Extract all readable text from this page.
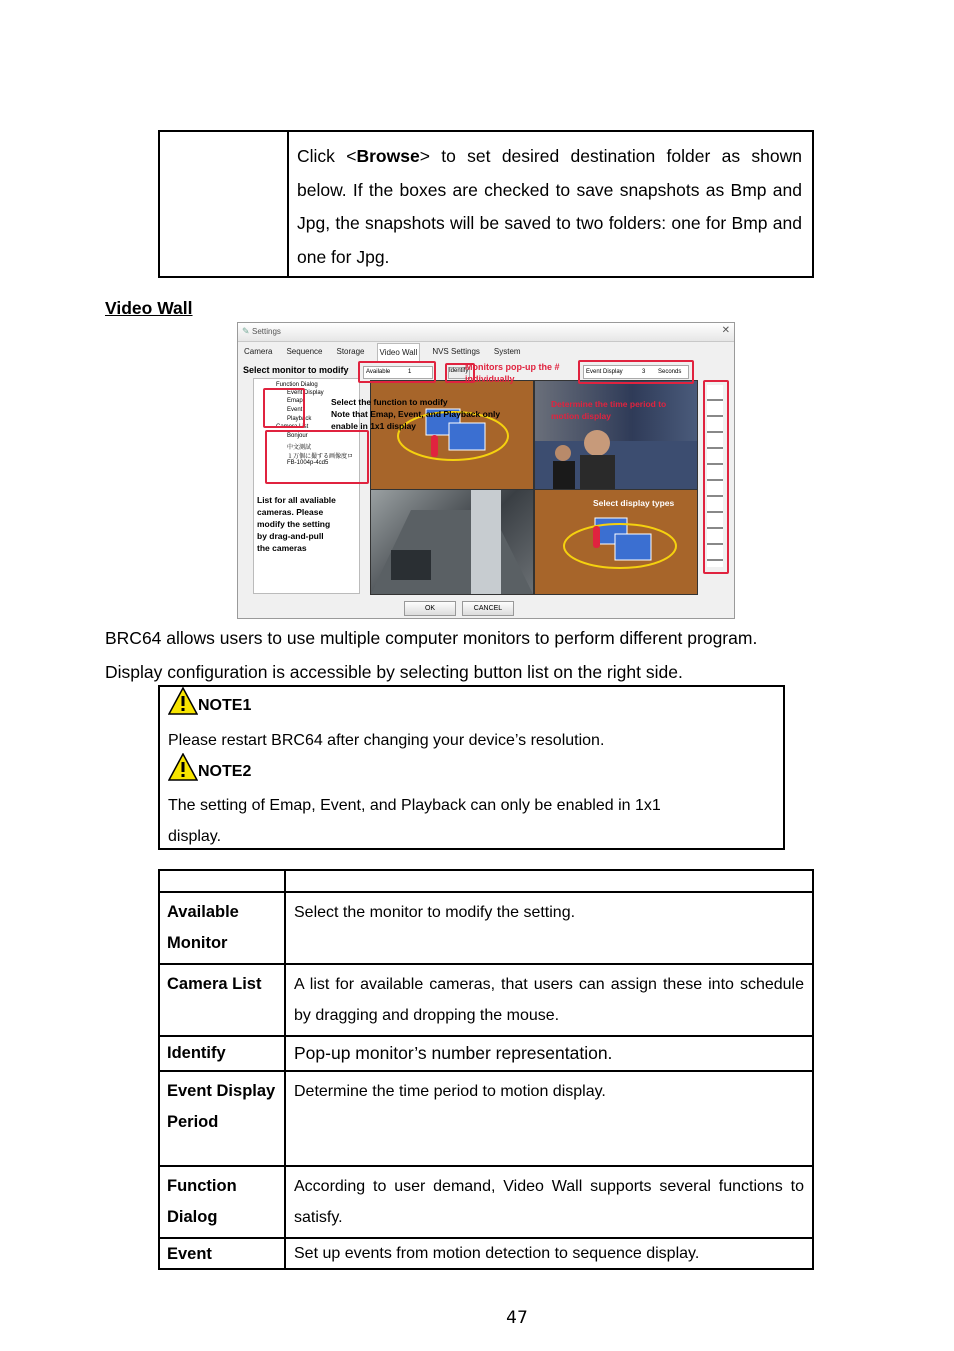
	Click <Browse> to set desired destination folder as shown below. If the boxes are checked to save snapshots as Bmp and Jpg, the snapshots will be saved to two folders: one for Bmp and one for Jpg.
Video Wall
✎ Settings	✕
Camera Sequence Storage	Video Wall	NVS Settings System
Select monitor to modify	Available	1	Identify	Event Display	3 Seconds
Function Dialog
Event Display
Emap
Event
Playback
Camera List
Bonjour
中文測試
１万個に撮する画像度ロ
FB-1004p-4cd5
List for all avaliable
cameras. Please
modify the setting
by drag-and-pull
the cameras
Monitors pop-up the # individually
Select the function to modify
Note that Emap, Event, and Playback only
enable in 1x1 display
Determine the time period to
motion display
Select display types
OK	CANCEL
BRC64 allows users to use multiple computer monitors to perform different program.
Display configuration is accessible by selecting button list on the right side.
NOTE1
Please restart BRC64 after changing your device’s resolution.
NOTE2
The setting of Emap, Event, and Playback can only be enabled in 1x1
display.

Available Monitor	Select the monitor to modify the setting.
Camera List	A list for available cameras, that users can assign these into schedule by dragging and dropping the mouse.
Identify	Pop-up monitor’s number representation.
Event Display Period	Determine the time period to motion display.
Function Dialog	According to user demand, Video Wall supports several functions to satisfy.
Event	Set up events from motion detection to sequence display.
47
